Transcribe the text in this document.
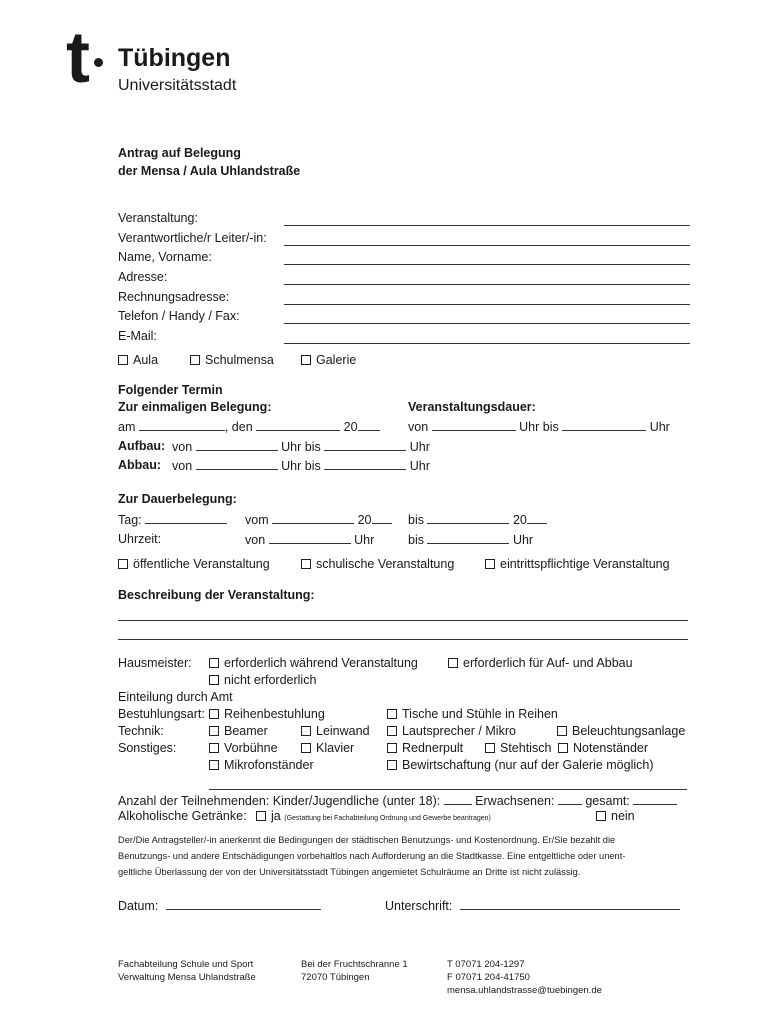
t Tübingen
Universitätsstadt
Antrag auf Belegung
der Mensa / Aula Uhlandstraße
Veranstaltung:
Verantwortliche/r Leiter/-in:
Name, Vorname:
Adresse:
Rechnungsadresse:
Telefon / Handy / Fax:
E-Mail:
Aula	Schulmensa	Galerie
Folgender Termin
Zur einmaligen Belegung:	Veranstaltungsdauer:
am	, den	20	von	Uhr bis	Uhr
Aufbau: von	Uhr bis	Uhr
Abbau: von	Uhr bis	Uhr
Zur Dauerbelegung:
Tag:	vom	20	bis	20
Uhrzeit:	von	Uhr	bis	Uhr
öffentliche Veranstaltung	schulische Veranstaltung	eintrittspflichtige Veranstaltung
Beschreibung der Veranstaltung:
Hausmeister:	erforderlich während Veranstaltung	erforderlich für Auf- und Abbau
nicht erforderlich
Einteilung durch Amt
Bestuhlungsart:	Reihenbestuhlung	Tische und Stühle in Reihen
Technik:	Beamer	Leinwand	Lautsprecher / Mikro	Beleuchtungsanlage
Sonstiges:	Vorbühne	Klavier	Rednerpult	Stehtisch	Notenständer
Mikrofonständer	Bewirtschaftung (nur auf der Galerie möglich)
Anzahl der Teilnehmenden: Kinder/Jugendliche (unter 18):	Erwachsenen: gesamt:
Alkoholische Getränke: ja (Gestattung bei Fachabteilung Ordnung und Gewerbe beantragen)	nein
Der/Die Antragsteller/-in anerkennt die Bedingungen der städtischen Benutzungs- und Kostenordnung. Er/Sie bezahlt die
Benutzungs- und andere Entschädigungen vorbehaltlos nach Aufforderung an die Stadtkasse. Eine entgeltliche oder unent-
geltliche Überlassung der von der Universitätsstadt Tübingen angemietet Schulräume an Dritte ist nicht zulässig.
Datum:	Unterschrift:
Fachabteilung Schule und Sport
Verwaltung Mensa Uhlandstraße
Bei der Fruchtschranne 1
72070 Tübingen
T 07071 204-1297
F 07071 204-41750
mensa.uhlandstrasse@tuebingen.de
